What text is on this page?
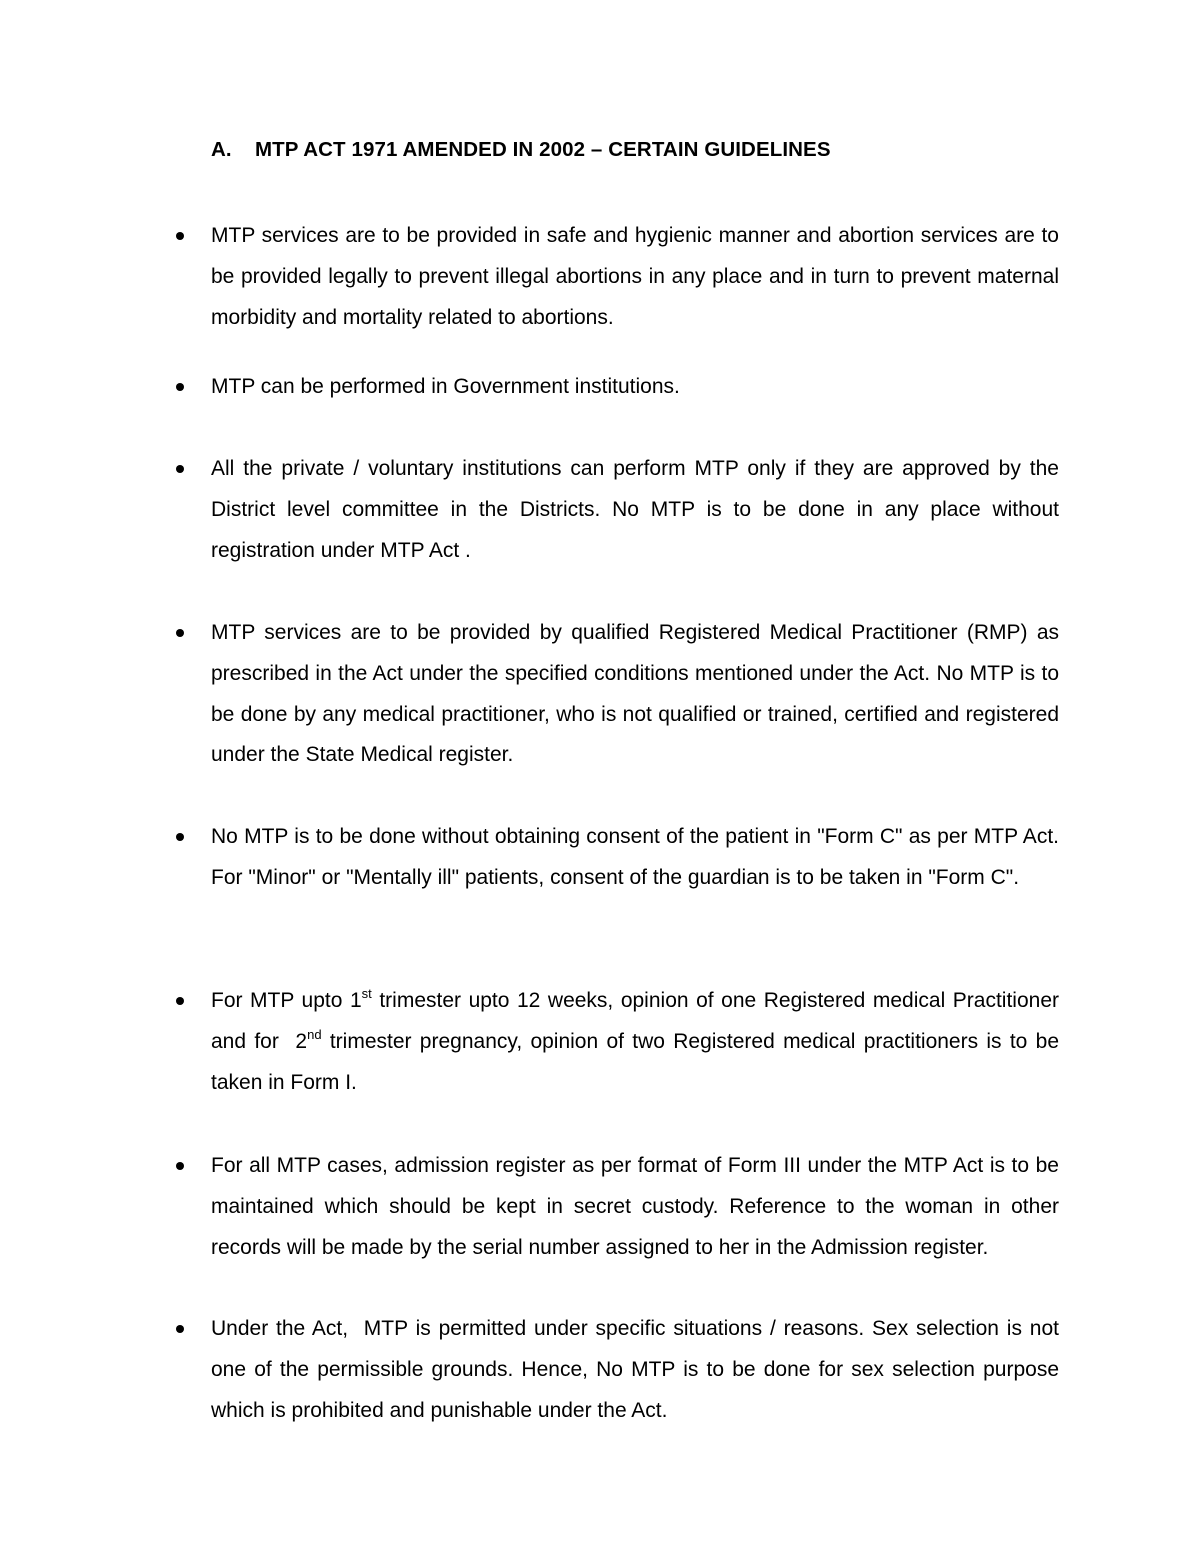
A. MTP ACT 1971 AMENDED IN 2002 – CERTAIN GUIDELINES
MTP services are to be provided in safe and hygienic manner and abortion services are to be provided legally to prevent illegal abortions in any place and in turn to prevent maternal morbidity and mortality related to abortions.
MTP can be performed in Government institutions.
All the private / voluntary institutions can perform MTP only if they are approved by the District level committee in the Districts. No MTP is to be done in any place without registration under MTP Act .
MTP services are to be provided by qualified Registered Medical Practitioner (RMP) as prescribed in the Act under the specified conditions mentioned under the Act. No MTP is to be done by any medical practitioner, who is not qualified or trained, certified and registered under the State Medical register.
No MTP is to be done without obtaining consent of the patient in "Form C" as per MTP Act. For "Minor" or "Mentally ill" patients, consent of the guardian is to be taken in "Form C".
For MTP upto 1st trimester upto 12 weeks, opinion of one Registered medical Practitioner and for  2nd trimester pregnancy, opinion of two Registered medical practitioners is to be taken in Form I.
For all MTP cases, admission register as per format of Form III under the MTP Act is to be maintained which should be kept in secret custody. Reference to the woman in other records will be made by the serial number assigned to her in the Admission register.
Under the Act,  MTP is permitted under specific situations / reasons. Sex selection is not one of the permissible grounds. Hence, No MTP is to be done for sex selection purpose which is prohibited and punishable under the Act.
